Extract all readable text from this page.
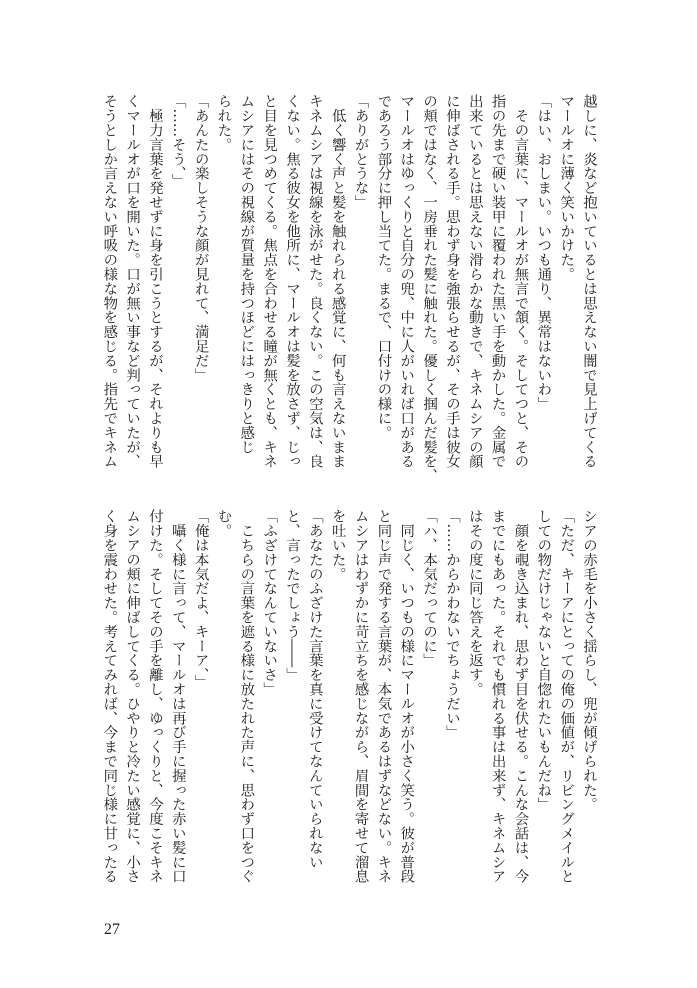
越しに、炎など抱いているとは思えない闇で見上げてくる
マールオに薄く笑いかけた。
「はい、おしまい。いつも通り、異常はないわ」
　その言葉に、マールオが無言で頷く。そしてつと、その
指の先まで硬い装甲に覆われた黒い手を動かした。金属で
出来ているとは思えない滑らかな動きで、キネムシアの顔
に伸ばされる手。思わず身を強張らせるが、その手は彼女
の頬ではなく、一房垂れた髪に触れた。優しく掴んだ髪を、
マールオはゆっくりと自分の兜、中に人がいれば口がある
であろう部分に押し当てた。まるで、口付けの様に。
「ありがとうな」
　低く響く声と髪を触れられる感覚に、何も言えないまま
キネムシアは視線を泳がせた。良くない。この空気は、良
くない。焦る彼女を他所に、マールオは髪を放さず、じっ
と目を見つめてくる。焦点を合わせる瞳が無くとも、キネ
ムシアにはその視線が質量を持つほどにはっきりと感じ
られた。
「あんたの楽しそうな顔が見れて、満足だ」
「……そう、」
　極力言葉を発せずに身を引こうとするが、それよりも早
くマールオが口を開いた。口が無い事など判っていたが、
そうとしか言えない呼吸の様な物を感じる。指先でキネム
シアの赤毛を小さく揺らし、兜が傾げられた。
「ただ、キーアにとっての俺の価値が、リビングメイルと
しての物だけじゃないと自惚れたいもんだね」
　顔を覗き込まれ、思わず目を伏せる。こんな会話は、今
までにもあった。それでも慣れる事は出来ず、キネムシア
はその度に同じ答えを返す。
「……からかわないでちょうだい」
「ハ、本気だってのに」
　同じく、いつもの様にマールオが小さく笑う。彼が普段
と同じ声で発する言葉が、本気であるはずなどない。キネ
ムシアはわずかに苛立ちを感じながら、眉間を寄せて溜息
を吐いた。
「あなたのふざけた言葉を真に受けてなんていられない
と、言ったでしょう――」
「ふざけてなんていないさ」
　こちらの言葉を遮る様に放たれた声に、思わず口をつぐ
む。
「俺は本気だよ、キーア、」
　囁く様に言って、マールオは再び手に握った赤い髪に口
付けた。そしてその手を離し、ゆっくりと、今度こそキネ
ムシアの頬に伸ばしてくる。ひやりと冷たい感覚に、小さ
く身を震わせた。考えてみれば、今まで同じ様に甘ったる
27
